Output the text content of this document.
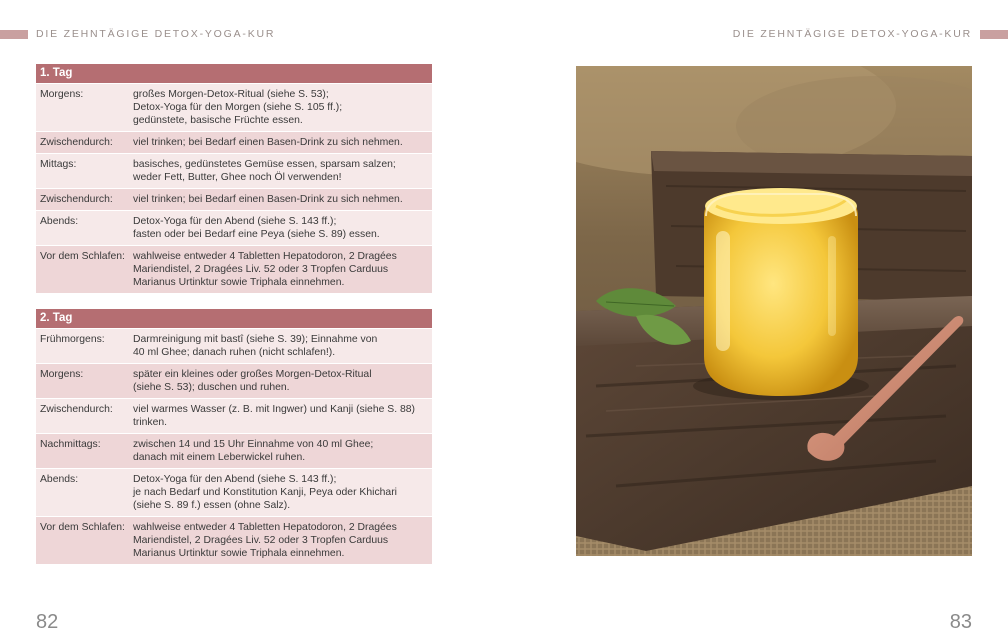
DIE ZEHNTÄGIGE DETOX-YOGA-KUR	DIE ZEHNTÄGIGE DETOX-YOGA-KUR
1. Tag
Morgens:	großes Morgen-Detox-Ritual (siehe S. 53);
Detox-Yoga für den Morgen (siehe S. 105 ff.);
gedünstete, basische Früchte essen.
Zwischendurch:	viel trinken; bei Bedarf einen Basen-Drink zu sich nehmen.
Mittags:	basisches, gedünstetes Gemüse essen, sparsam salzen; weder Fett, Butter, Ghee noch Öl verwenden!
Zwischendurch:	viel trinken; bei Bedarf einen Basen-Drink zu sich nehmen.
Abends:	Detox-Yoga für den Abend (siehe S. 143 ff.);
fasten oder bei Bedarf eine Peya (siehe S. 89) essen.
Vor dem Schlafen: wahlweise entweder 4 Tabletten Hepatodoron, 2 Dragées Mariendistel, 2 Dragées Liv. 52 oder 3 Tropfen Carduus Marianus Urtinktur sowie Triphala einnehmen.
2. Tag
Frühmorgens:	Darmreinigung mit bastî (siehe S. 39); Einnahme von
40 ml Ghee; danach ruhen (nicht schlafen!).
Morgens:	später ein kleines oder großes Morgen-Detox-Ritual
(siehe S. 53); duschen und ruhen.
Zwischendurch:	viel warmes Wasser (z. B. mit Ingwer) und Kanji (siehe S. 88)
trinken.
Nachmittags:	zwischen 14 und 15 Uhr Einnahme von 40 ml Ghee;
danach mit einem Leberwickel ruhen.
Abends:	Detox-Yoga für den Abend (siehe S. 143 ff.);
je nach Bedarf und Konstitution Kanji, Peya oder Khichari
(siehe S. 89 f.) essen (ohne Salz).
Vor dem Schlafen: wahlweise entweder 4 Tabletten Hepatodoron, 2 Dragées
Mariendistel, 2 Dragées Liv. 52 oder 3 Tropfen Carduus
Marianus Urtinktur sowie Triphala einnehmen.
82	83
